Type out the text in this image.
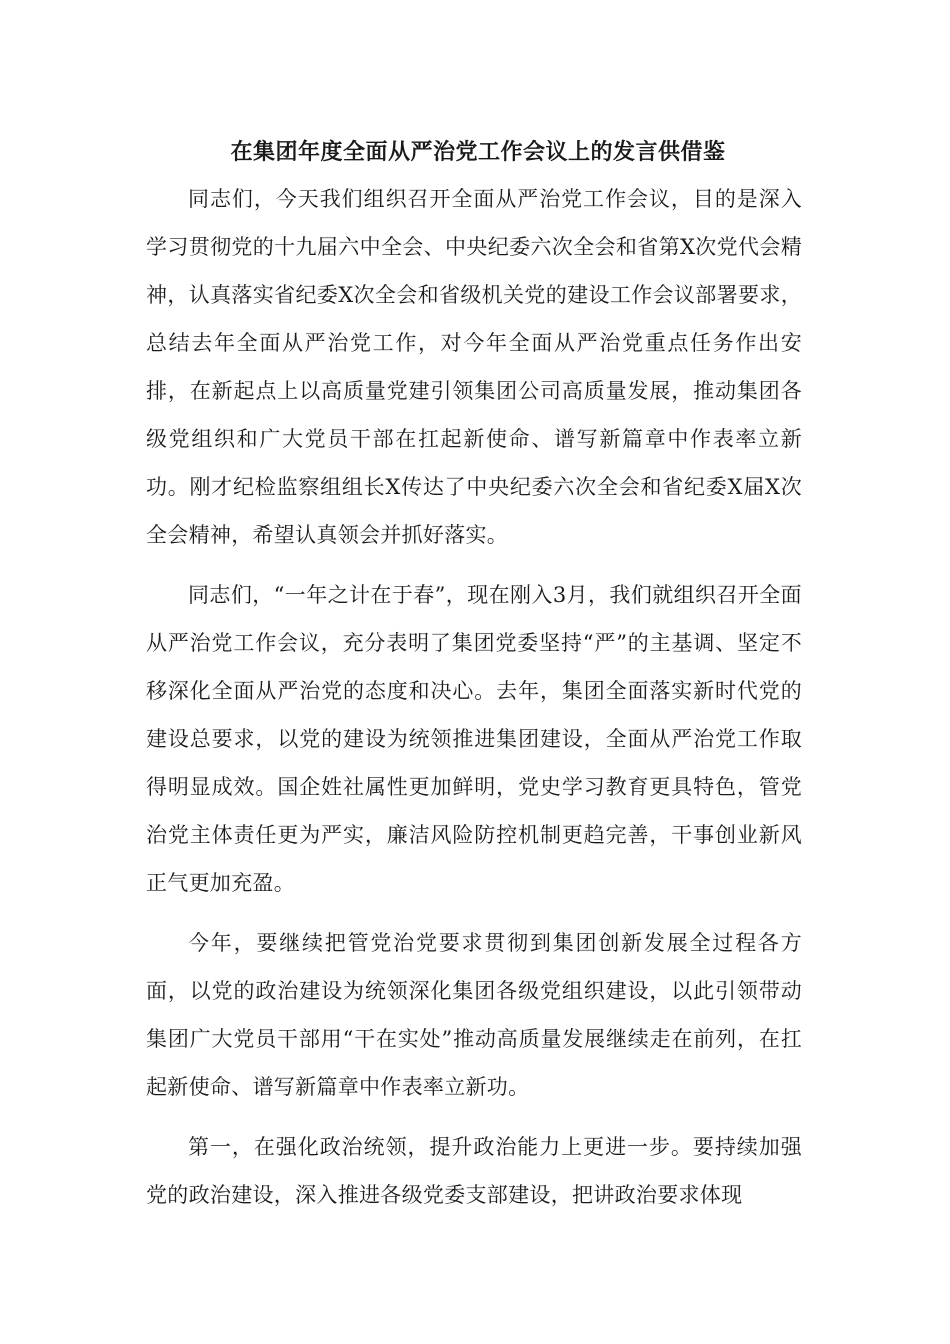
在集团年度全面从严治党工作会议上的发言供借鉴

同志们，今天我们组织召开全面从严治党工作会议，目的是深入学习贯彻党的十九届六中全会、中央纪委六次全会和省第X次党代会精神，认真落实省纪委X次全会和省级机关党的建设工作会议部署要求，总结去年全面从严治党工作，对今年全面从严治党重点任务作出安排，在新起点上以高质量党建引领集团公司高质量发展，推动集团各级党组织和广大党员干部在扛起新使命、谱写新篇章中作表率立新功。刚才纪检监察组组长X传达了中央纪委六次全会和省纪委X届X次全会精神，希望认真领会并抓好落实。

同志们，“一年之计在于春”，现在刚入3月，我们就组织召开全面从严治党工作会议，充分表明了集团党委坚持“严”的主基调、坚定不移深化全面从严治党的态度和决心。去年，集团全面落实新时代党的建设总要求，以党的建设为统领推进集团建设，全面从严治党工作取得明显成效。国企姓社属性更加鲜明，党史学习教育更具特色，管党治党主体责任更为严实，廉洁风险防控机制更趋完善，干事创业新风正气更加充盈。

今年，要继续把管党治党要求贯彻到集团创新发展全过程各方面，以党的政治建设为统领深化集团各级党组织建设，以此引领带动集团广大党员干部用“干在实处”推动高质量发展继续走在前列，在扛起新使命、谱写新篇章中作表率立新功。

第一，在强化政治统领，提升政治能力上更进一步。要持续加强党的政治建设，深入推进各级党委支部建设，把讲政治要求体现
